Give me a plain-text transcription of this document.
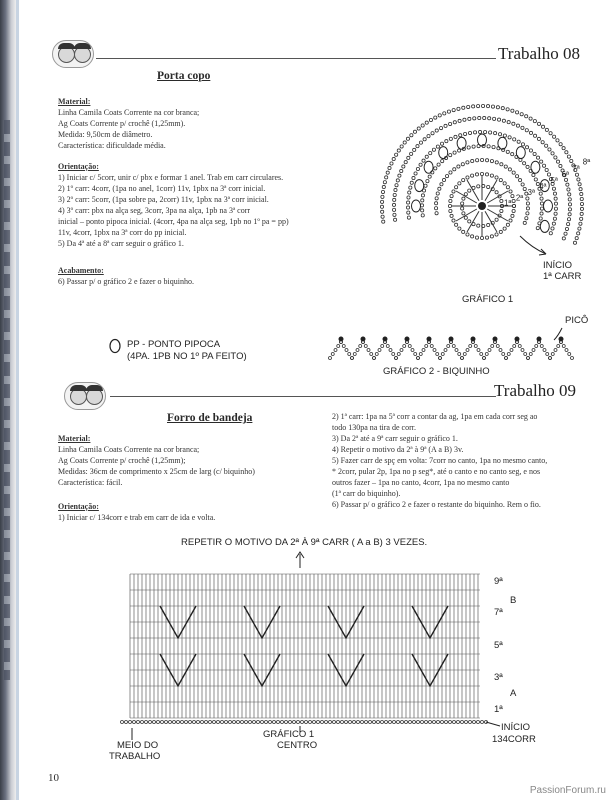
Trabalho 08
Porta copo
Material:

Linha Camila Coats Corrente na cor branca;

Ag Coats Corrente p/ crochê (1,25mm).

Medida: 9,50cm de diâmetro.

Característica: dificuldade média.

Orientação:

1) Iniciar c/ 5corr, unir c/ pbx e formar 1 anel. Trab em carr circulares.

2) 1º carr: 4corr, (1pa no anel, 1corr) 11v, 1pbx na 3ª corr inicial.

3) 2º carr: 5corr, (1pa sobre pa, 2corr) 11v, 1pbx na 3ª corr inicial.

4) 3º carr: pbx na alça seg, 3corr, 3pa na alça, 1pb na 3ª corr

inicial – ponto pipoca inicial. (4corr, 4pa na alça seg, 1pb no 1º pa = pp)

11v, 4corr, 1pbx na 3ª corr do pp inicial.

5) Da 4ª até a 8ª carr seguir o gráfico 1.

Acabamento:

6) Passar p/ o gráfico 2 e fazer o biquinho.

PP - PONTO PIPOCA
(4PA. 1PB NO 1º PA FEITO)
1ª
2ª
3ª
4ª
5ª
6ª
7ª
8ª
INÍCIO
1ª CARR
GRÁFICO 1
PICÔ
GRÁFICO 2 - BIQUINHO
Trabalho 09
Forro de bandeja
Material:

Linha Camila Coats Corrente na cor branca;

Ag Coats Corrente p/ crochê (1,25mm);

Medidas: 36cm de comprimento x 25cm de larg (c/ biquinho)

Característica: fácil.

Orientação:

1) Iniciar c/ 134corr e trab em carr de ida e volta.

2) 1ª carr: 1pa na 5ª corr a contar da ag, 1pa em cada corr seg ao

todo 130pa na tira de corr.

3) Da 2ª até a 9ª carr seguir o gráfico 1.

4) Repetir o motivo da 2ª à 9ª (A a B) 3v.

5) Fazer carr de spç em volta: 7corr no canto, 1pa no mesmo canto,

* 2corr, pular 2p, 1pa no p seg*, até o canto e no canto seg, e nos

outros fazer – 1pa no canto, 4corr, 1pa no mesmo canto

(1ª carr do biquinho).

6) Passar p/ o gráfico 2 e fazer o restante do biquinho. Rem o fio.

REPETIR O MOTIVO DA 2ª À 9ª CARR ( A a B) 3 VEZES.
9ª
B
7ª
5ª
3ª
A
1ª
INÍCIO
134CORR
MEIO DO
TRABALHO
GRÁFICO 1
CENTRO
10
PassionForum.ru
